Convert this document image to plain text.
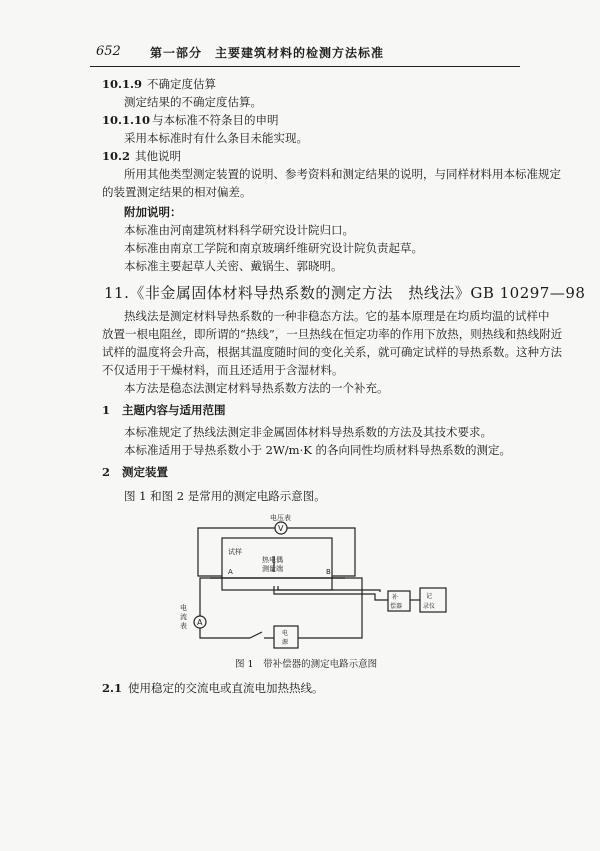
652 第一部分　主要建筑材料的检测方法标准
10.1.9 不确定度估算
测定结果的不确定度估算。
10.1.10 与本标准不符条目的申明
采用本标准时有什么条目未能实现。
10.2 其他说明
所用其他类型测定装置的说明、参考资料和测定结果的说明，与同样材料用本标准规定
的装置测定结果的相对偏差。
附加说明：
本标准由河南建筑材料科学研究设计院归口。
本标准由南京工学院和南京玻璃纤维研究设计院负责起草。
本标准主要起草人关密、戴锅生、郭晓明。
11.《非金属固体材料导热系数的测定方法　热线法》GB 10297—98
热线法是测定材料导热系数的一种非稳态方法。它的基本原理是在均质均温的试样中
放置一根电阻丝，即所谓的“热线”，一旦热线在恒定功率的作用下放热，则热线和热线附近
试样的温度将会升高，根据其温度随时间的变化关系，就可确定试样的导热系数。这种方法
不仅适用于干燥材料，而且还适用于含湿材料。
本方法是稳态法测定材料导热系数方法的一个补充。
1 主题内容与适用范围
本标准规定了热线法测定非金属固体材料导热系数的方法及其技术要求。
本标准适用于导热系数小于 2W/m·K 的各向同性均质材料导热系数的测定。
2 测定装置
图 1 和图 2 是常用的测定电路示意图。
电压表
V
试样
热电偶
测量端
A	B
补
偿器
记
录仪
A
电
流
表
电
源
图 1　带补偿器的测定电路示意图
2.1 使用稳定的交流电或直流电加热热线。
